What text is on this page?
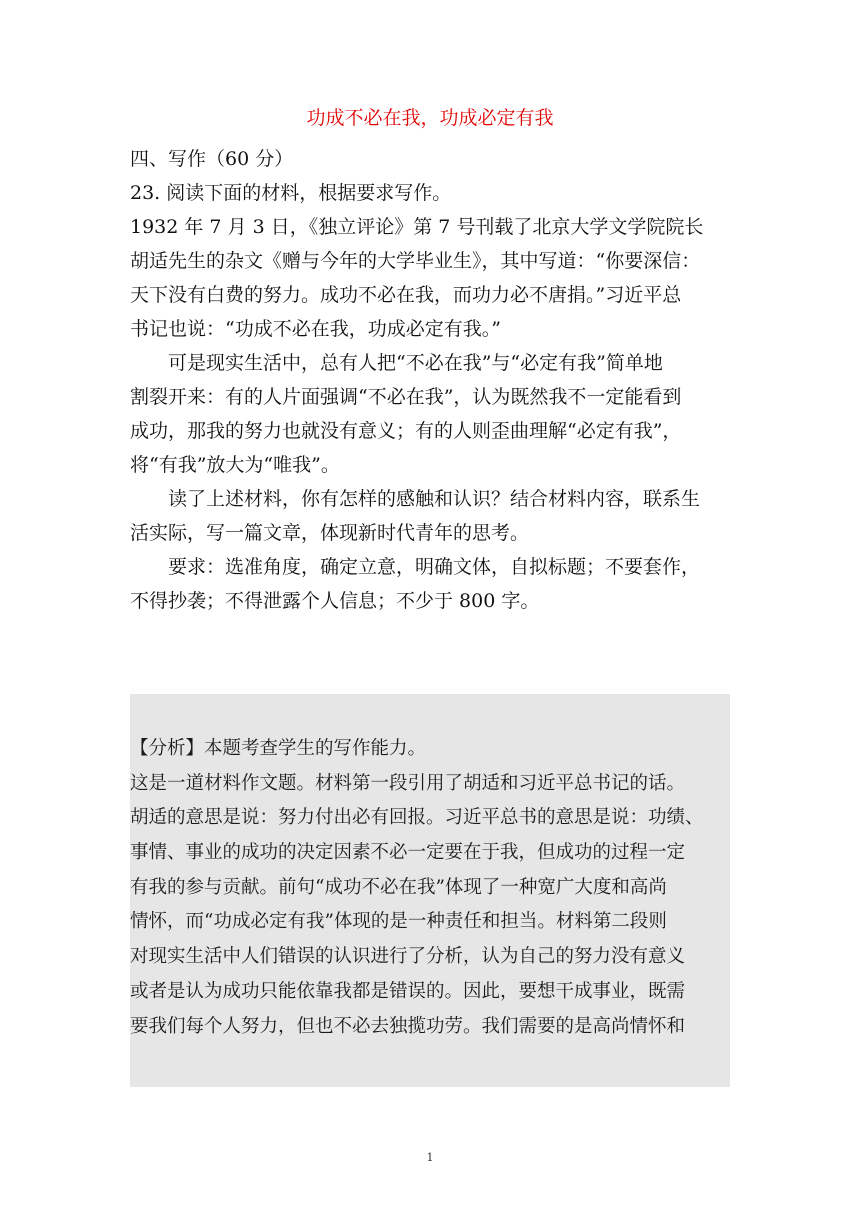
功成不必在我，功成必定有我
四、写作（60 分）
23. 阅读下面的材料，根据要求写作。
1932 年 7 月 3 日，《独立评论》第 7 号刊载了北京大学文学院院长
胡适先生的杂文《赠与今年的大学毕业生》，其中写道：“你要深信：
天下没有白费的努力。成功不必在我，而功力必不唐捐。”习近平总
书记也说：“功成不必在我，功成必定有我。”
可是现实生活中，总有人把“不必在我”与“必定有我”简单地
割裂开来：有的人片面强调“不必在我”，认为既然我不一定能看到
成功，那我的努力也就没有意义；有的人则歪曲理解“必定有我”，
将“有我”放大为“唯我”。
读了上述材料，你有怎样的感触和认识？结合材料内容，联系生
活实际，写一篇文章，体现新时代青年的思考。
要求：选准角度，确定立意，明确文体，自拟标题；不要套作，
不得抄袭；不得泄露个人信息；不少于 800 字。
【分析】本题考查学生的写作能力。
这是一道材料作文题。材料第一段引用了胡适和习近平总书记的话。
胡适的意思是说：努力付出必有回报。习近平总书的意思是说：功绩、
事情、事业的成功的决定因素不必一定要在于我，但成功的过程一定
有我的参与贡献。前句“成功不必在我”体现了一种宽广大度和高尚
情怀，而“功成必定有我”体现的是一种责任和担当。材料第二段则
对现实生活中人们错误的认识进行了分析，认为自己的努力没有意义
或者是认为成功只能依靠我都是错误的。因此，要想干成事业，既需
要我们每个人努力，但也不必去独揽功劳。我们需要的是高尚情怀和
1
